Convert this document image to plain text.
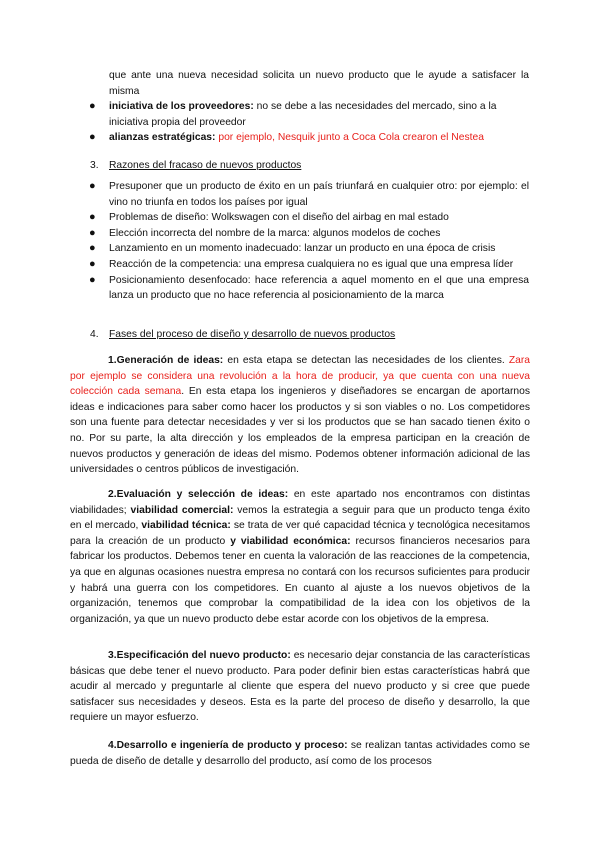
que ante una nueva necesidad solicita un nuevo producto que le ayude a satisfacer la misma
● iniciativa de los proveedores: no se debe a las necesidades del mercado, sino a la iniciativa propia del proveedor
● alianzas estratégicas: por ejemplo, Nesquik junto a Coca Cola crearon el Nestea
3. Razones del fracaso de nuevos productos
● Presuponer que un producto de éxito en un país triunfará en cualquier otro: por ejemplo: el vino no triunfa en todos los países por igual
● Problemas de diseño: Wolkswagen con el diseño del airbag en mal estado
● Elección incorrecta del nombre de la marca: algunos modelos de coches
● Lanzamiento en un momento inadecuado: lanzar un producto en una época de crisis
● Reacción de la competencia: una empresa cualquiera no es igual que una empresa líder
● Posicionamiento desenfocado: hace referencia a aquel momento en el que una empresa lanza un producto que no hace referencia al posicionamiento de la marca
4. Fases del proceso de diseño y desarrollo de nuevos productos
1.Generación de ideas: en esta etapa se detectan las necesidades de los clientes. Zara por ejemplo se considera una revolución a la hora de producir, ya que cuenta con una nueva colección cada semana. En esta etapa los ingenieros y diseñadores se encargan de aportarnos ideas e indicaciones para saber como hacer los productos y si son viables o no. Los competidores son una fuente para detectar necesidades y ver si los productos que se han sacado tienen éxito o no. Por su parte, la alta dirección y los empleados de la empresa participan en la creación de nuevos productos y generación de ideas del mismo. Podemos obtener información adicional de las universidades o centros públicos de investigación.
2.Evaluación y selección de ideas: en este apartado nos encontramos con distintas viabilidades; viabilidad comercial: vemos la estrategia a seguir para que un producto tenga éxito en el mercado, viabilidad técnica: se trata de ver qué capacidad técnica y tecnológica necesitamos para la creación de un producto y viabilidad económica: recursos financieros necesarios para fabricar los productos. Debemos tener en cuenta la valoración de las reacciones de la competencia, ya que en algunas ocasiones nuestra empresa no contará con los recursos suficientes para producir y habrá una guerra con los competidores. En cuanto al ajuste a los nuevos objetivos de la organización, tenemos que comprobar la compatibilidad de la idea con los objetivos de la organización, ya que un nuevo producto debe estar acorde con los objetivos de la empresa.
3.Especificación del nuevo producto: es necesario dejar constancia de las características básicas que debe tener el nuevo producto. Para poder definir bien estas características habrá que acudir al mercado y preguntarle al cliente que espera del nuevo producto y si cree que puede satisfacer sus necesidades y deseos. Esta es la parte del proceso de diseño y desarrollo, la que requiere un mayor esfuerzo.
4.Desarrollo e ingeniería de producto y proceso: se realizan tantas actividades como se pueda de diseño de detalle y desarrollo del producto, así como de los procesos
